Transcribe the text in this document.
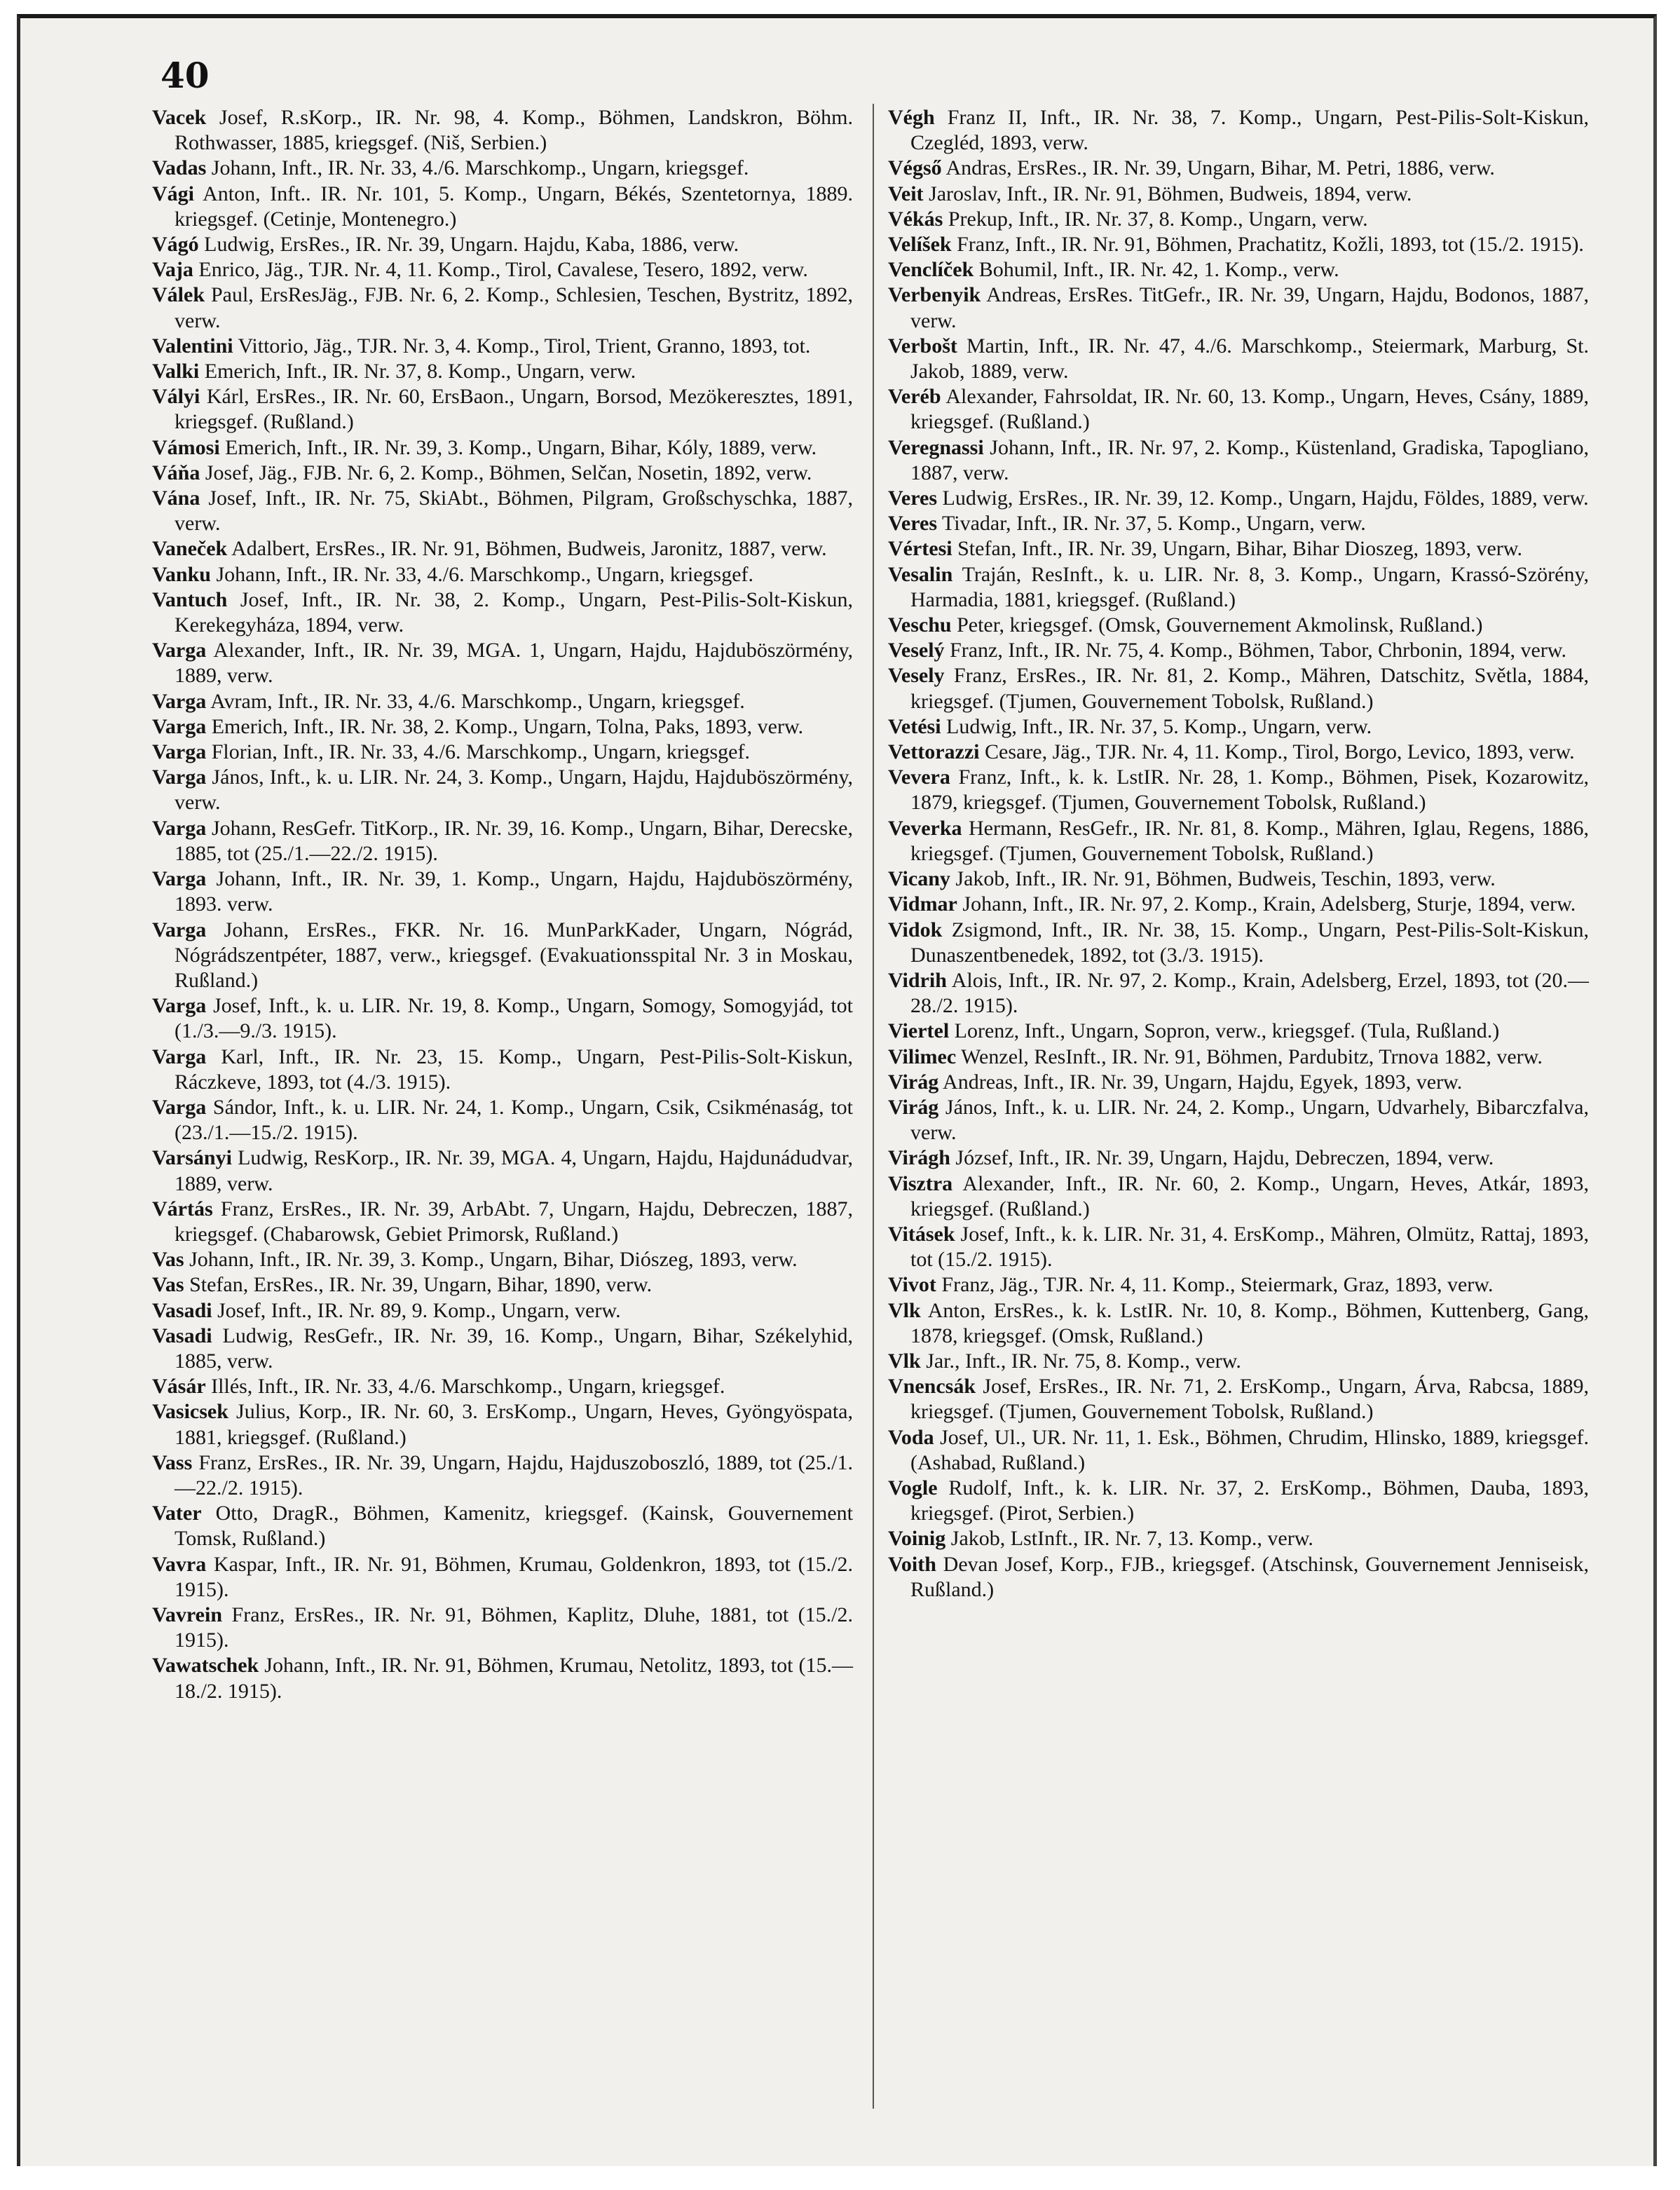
40

Vacek Josef, R.sKorp., IR. Nr. 98, 4. Komp., Böhmen, Landskron, Böhm. Rothwasser, 1885, kriegsgef. (Niš, Serbien.)

Vadas Johann, Inft., IR. Nr. 33, 4./6. Marschkomp., Ungarn, kriegsgef.

Vági Anton, Inft.. IR. Nr. 101, 5. Komp., Ungarn, Békés, Szentetornya, 1889. kriegsgef. (Cetinje, Montenegro.)

Vágó Ludwig, ErsRes., IR. Nr. 39, Ungarn. Hajdu, Kaba, 1886, verw.

Vaja Enrico, Jäg., TJR. Nr. 4, 11. Komp., Tirol, Cavalese, Tesero, 1892, verw.

Válek Paul, ErsResJäg., FJB. Nr. 6, 2. Komp., Schlesien, Teschen, Bystritz, 1892, verw.

Valentini Vittorio, Jäg., TJR. Nr. 3, 4. Komp., Tirol, Trient, Granno, 1893, tot.

Valki Emerich, Inft., IR. Nr. 37, 8. Komp., Ungarn, verw.

Vályi Kárl, ErsRes., IR. Nr. 60, ErsBaon., Ungarn, Borsod, Mezökeresztes, 1891, kriegsgef. (Rußland.)

Vámosi Emerich, Inft., IR. Nr. 39, 3. Komp., Ungarn, Bihar, Kóly, 1889, verw.

Váňa Josef, Jäg., FJB. Nr. 6, 2. Komp., Böhmen, Selčan, Nosetin, 1892, verw.

Vána Josef, Inft., IR. Nr. 75, SkiAbt., Böhmen, Pilgram, Großschyschka, 1887, verw.

Vaneček Adalbert, ErsRes., IR. Nr. 91, Böhmen, Budweis, Jaronitz, 1887, verw.

Vanku Johann, Inft., IR. Nr. 33, 4./6. Marschkomp., Ungarn, kriegsgef.

Vantuch Josef, Inft., IR. Nr. 38, 2. Komp., Ungarn, Pest-Pilis-Solt-Kiskun, Kerekegyháza, 1894, verw.

Varga Alexander, Inft., IR. Nr. 39, MGA. 1, Ungarn, Hajdu, Hajduböszörmény, 1889, verw.

Varga Avram, Inft., IR. Nr. 33, 4./6. Marschkomp., Ungarn, kriegsgef.

Varga Emerich, Inft., IR. Nr. 38, 2. Komp., Ungarn, Tolna, Paks, 1893, verw.

Varga Florian, Inft., IR. Nr. 33, 4./6. Marschkomp., Ungarn, kriegsgef.

Varga János, Inft., k. u. LIR. Nr. 24, 3. Komp., Ungarn, Hajdu, Hajduböszörmény, verw.

Varga Johann, ResGefr. TitKorp., IR. Nr. 39, 16. Komp., Ungarn, Bihar, Derecske, 1885, tot (25./1.—22./2. 1915).

Varga Johann, Inft., IR. Nr. 39, 1. Komp., Ungarn, Hajdu, Hajduböszörmény, 1893. verw.

Varga Johann, ErsRes., FKR. Nr. 16. MunParkKader, Ungarn, Nógrád, Nógrádszentpéter, 1887, verw., kriegsgef. (Evakuationsspital Nr. 3 in Moskau, Rußland.)

Varga Josef, Inft., k. u. LIR. Nr. 19, 8. Komp., Ungarn, Somogy, Somogyjád, tot (1./3.—9./3. 1915).

Varga Karl, Inft., IR. Nr. 23, 15. Komp., Ungarn, Pest-Pilis-Solt-Kiskun, Ráczkeve, 1893, tot (4./3. 1915).

Varga Sándor, Inft., k. u. LIR. Nr. 24, 1. Komp., Ungarn, Csik, Csikménaság, tot (23./1.—15./2. 1915).

Varsányi Ludwig, ResKorp., IR. Nr. 39, MGA. 4, Ungarn, Hajdu, Hajdunádudvar, 1889, verw.

Vártás Franz, ErsRes., IR. Nr. 39, ArbAbt. 7, Ungarn, Hajdu, Debreczen, 1887, kriegsgef. (Chabarowsk, Gebiet Primorsk, Rußland.)

Vas Johann, Inft., IR. Nr. 39, 3. Komp., Ungarn, Bihar, Diószeg, 1893, verw.

Vas Stefan, ErsRes., IR. Nr. 39, Ungarn, Bihar, 1890, verw.

Vasadi Josef, Inft., IR. Nr. 89, 9. Komp., Ungarn, verw.

Vasadi Ludwig, ResGefr., IR. Nr. 39, 16. Komp., Ungarn, Bihar, Székelyhid, 1885, verw.

Vásár Illés, Inft., IR. Nr. 33, 4./6. Marschkomp., Ungarn, kriegsgef.

Vasicsek Julius, Korp., IR. Nr. 60, 3. ErsKomp., Ungarn, Heves, Gyöngyöspata, 1881, kriegsgef. (Rußland.)

Vass Franz, ErsRes., IR. Nr. 39, Ungarn, Hajdu, Hajduszoboszló, 1889, tot (25./1.—22./2. 1915).

Vater Otto, DragR., Böhmen, Kamenitz, kriegsgef. (Kainsk, Gouvernement Tomsk, Rußland.)

Vavra Kaspar, Inft., IR. Nr. 91, Böhmen, Krumau, Goldenkron, 1893, tot (15./2. 1915).

Vavrein Franz, ErsRes., IR. Nr. 91, Böhmen, Kaplitz, Dluhe, 1881, tot (15./2. 1915).

Vawatschek Johann, Inft., IR. Nr. 91, Böhmen, Krumau, Netolitz, 1893, tot (15.—18./2. 1915).

Végh Franz II, Inft., IR. Nr. 38, 7. Komp., Ungarn, Pest-Pilis-Solt-Kiskun, Czegléd, 1893, verw.

Végső Andras, ErsRes., IR. Nr. 39, Ungarn, Bihar, M. Petri, 1886, verw.

Veit Jaroslav, Inft., IR. Nr. 91, Böhmen, Budweis, 1894, verw.

Vékás Prekup, Inft., IR. Nr. 37, 8. Komp., Ungarn, verw.

Velíšek Franz, Inft., IR. Nr. 91, Böhmen, Prachatitz, Kožli, 1893, tot (15./2. 1915).

Venclíček Bohumil, Inft., IR. Nr. 42, 1. Komp., verw.

Verbenyik Andreas, ErsRes. TitGefr., IR. Nr. 39, Ungarn, Hajdu, Bodonos, 1887, verw.

Verbošt Martin, Inft., IR. Nr. 47, 4./6. Marschkomp., Steiermark, Marburg, St. Jakob, 1889, verw.

Veréb Alexander, Fahrsoldat, IR. Nr. 60, 13. Komp., Ungarn, Heves, Csány, 1889, kriegsgef. (Rußland.)

Veregnassi Johann, Inft., IR. Nr. 97, 2. Komp., Küstenland, Gradiska, Tapogliano, 1887, verw.

Veres Ludwig, ErsRes., IR. Nr. 39, 12. Komp., Ungarn, Hajdu, Földes, 1889, verw.

Veres Tivadar, Inft., IR. Nr. 37, 5. Komp., Ungarn, verw.

Vértesi Stefan, Inft., IR. Nr. 39, Ungarn, Bihar, Bihar Dioszeg, 1893, verw.

Vesalin Traján, ResInft., k. u. LIR. Nr. 8, 3. Komp., Ungarn, Krassó-Szörény, Harmadia, 1881, kriegsgef. (Rußland.)

Veschu Peter, kriegsgef. (Omsk, Gouvernement Akmolinsk, Rußland.)

Veselý Franz, Inft., IR. Nr. 75, 4. Komp., Böhmen, Tabor, Chrbonin, 1894, verw.

Vesely Franz, ErsRes., IR. Nr. 81, 2. Komp., Mähren, Datschitz, Světla, 1884, kriegsgef. (Tjumen, Gouvernement Tobolsk, Rußland.)

Vetési Ludwig, Inft., IR. Nr. 37, 5. Komp., Ungarn, verw.

Vettorazzi Cesare, Jäg., TJR. Nr. 4, 11. Komp., Tirol, Borgo, Levico, 1893, verw.

Vevera Franz, Inft., k. k. LstIR. Nr. 28, 1. Komp., Böhmen, Pisek, Kozarowitz, 1879, kriegsgef. (Tjumen, Gouvernement Tobolsk, Rußland.)

Veverka Hermann, ResGefr., IR. Nr. 81, 8. Komp., Mähren, Iglau, Regens, 1886, kriegsgef. (Tjumen, Gouvernement Tobolsk, Rußland.)

Vicany Jakob, Inft., IR. Nr. 91, Böhmen, Budweis, Teschin, 1893, verw.

Vidmar Johann, Inft., IR. Nr. 97, 2. Komp., Krain, Adelsberg, Sturje, 1894, verw.

Vidok Zsigmond, Inft., IR. Nr. 38, 15. Komp., Ungarn, Pest-Pilis-Solt-Kiskun, Dunaszentbenedek, 1892, tot (3./3. 1915).

Vidrih Alois, Inft., IR. Nr. 97, 2. Komp., Krain, Adelsberg, Erzel, 1893, tot (20.—28./2. 1915).

Viertel Lorenz, Inft., Ungarn, Sopron, verw., kriegsgef. (Tula, Rußland.)

Vilimec Wenzel, ResInft., IR. Nr. 91, Böhmen, Pardubitz, Trnova 1882, verw.

Virág Andreas, Inft., IR. Nr. 39, Ungarn, Hajdu, Egyek, 1893, verw.

Virág János, Inft., k. u. LIR. Nr. 24, 2. Komp., Ungarn, Udvarhely, Bibarczfalva, verw.

Virágh József, Inft., IR. Nr. 39, Ungarn, Hajdu, Debreczen, 1894, verw.

Visztra Alexander, Inft., IR. Nr. 60, 2. Komp., Ungarn, Heves, Atkár, 1893, kriegsgef. (Rußland.)

Vitásek Josef, Inft., k. k. LIR. Nr. 31, 4. ErsKomp., Mähren, Olmütz, Rattaj, 1893, tot (15./2. 1915).

Vivot Franz, Jäg., TJR. Nr. 4, 11. Komp., Steiermark, Graz, 1893, verw.

Vlk Anton, ErsRes., k. k. LstIR. Nr. 10, 8. Komp., Böhmen, Kuttenberg, Gang, 1878, kriegsgef. (Omsk, Rußland.)

Vlk Jar., Inft., IR. Nr. 75, 8. Komp., verw.

Vnencsák Josef, ErsRes., IR. Nr. 71, 2. ErsKomp., Ungarn, Árva, Rabcsa, 1889, kriegsgef. (Tjumen, Gouvernement Tobolsk, Rußland.)

Voda Josef, Ul., UR. Nr. 11, 1. Esk., Böhmen, Chrudim, Hlinsko, 1889, kriegsgef. (Ashabad, Rußland.)

Vogle Rudolf, Inft., k. k. LIR. Nr. 37, 2. ErsKomp., Böhmen, Dauba, 1893, kriegsgef. (Pirot, Serbien.)

Voinig Jakob, LstInft., IR. Nr. 7, 13. Komp., verw.

Voith Devan Josef, Korp., FJB., kriegsgef. (Atschinsk, Gouvernement Jenniseisk, Rußland.)
